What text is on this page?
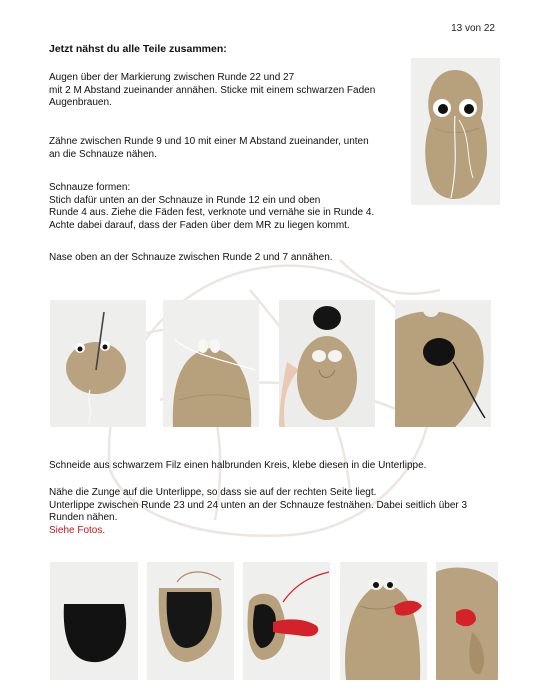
13 von 22
Jetzt nähst du alle Teile zusammen:
Augen über der Markierung zwischen Runde 22 und 27
mit 2 M Abstand zueinander annähen. Sticke mit einem schwarzen Faden
Augenbrauen.
Zähne zwischen Runde 9 und 10 mit einer M Abstand zueinander, unten
an die Schnauze nähen.
Schnauze formen:
Stich dafür unten an der Schnauze in Runde 12 ein und oben
Runde 4 aus. Ziehe die Fäden fest, verknote und vernähe sie in Runde 4.
Achte dabei darauf, dass der Faden über dem MR zu liegen kommt.
Nase oben an der Schnauze zwischen Runde 2 und 7 annähen.
Schneide aus schwarzem Filz einen halbrunden Kreis, klebe diesen in die Unterlippe.
Nähe die Zunge auf die Unterlippe, so dass sie auf der rechten Seite liegt.
Unterlippe zwischen Runde 23 und 24 unten an der Schnauze festnähen. Dabei seitlich über 3
Runden nähen.
Siehe Fotos.
